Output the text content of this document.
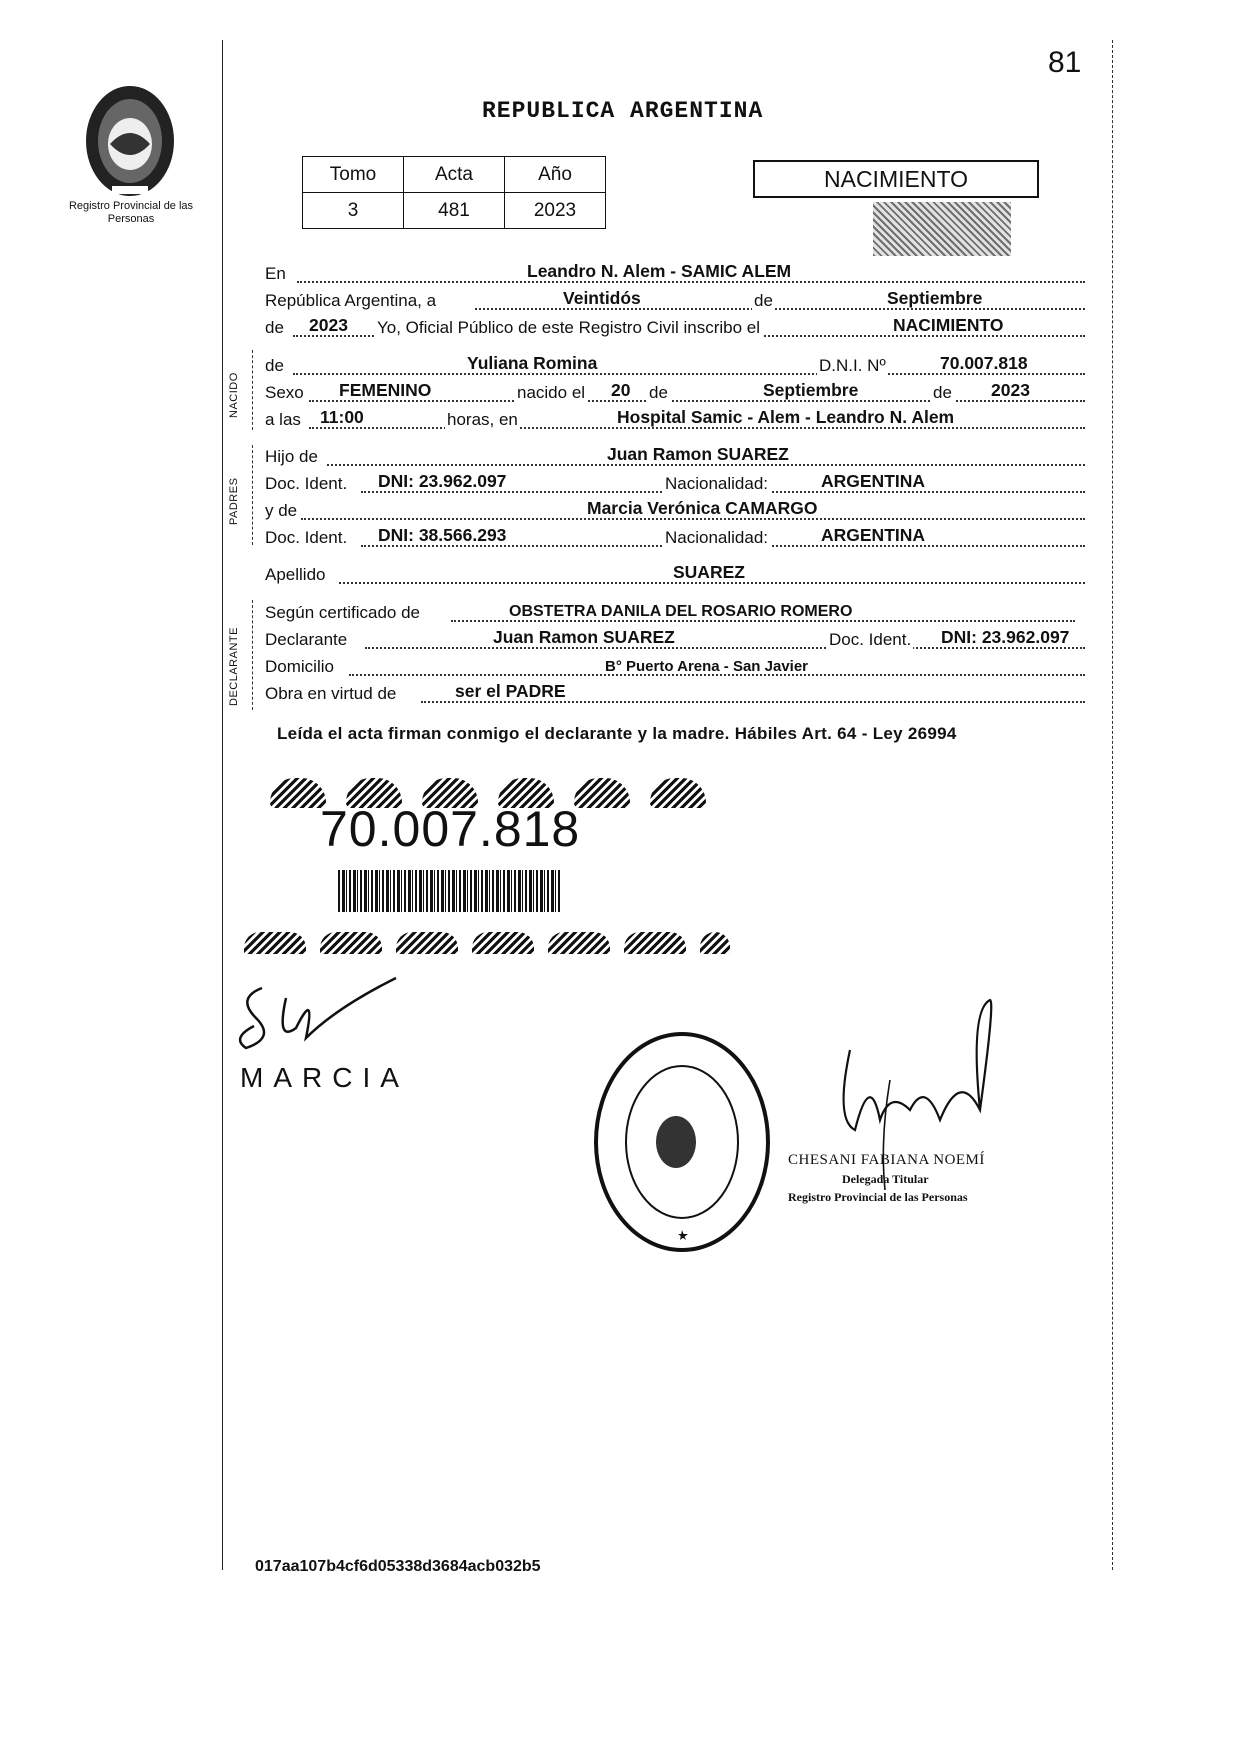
81
Registro Provincial de las Personas
REPUBLICA ARGENTINA
Tomo	Acta	Año
3	481	2023
NACIMIENTO
NACIDO
PADRES
DECLARANTE
En	Leandro N. Alem - SAMIC ALEM
República Argentina, a	Veintidós	de	Septiembre
de 2023 Yo, Oficial Público de este Registro Civil inscribo el	NACIMIENTO
de	Yuliana Romina	D.N.I. Nº	70.007.818
Sexo FEMENINO	nacido el 20 de	Septiembre	de 2023
a las 11:00	horas, en	Hospital Samic - Alem - Leandro N. Alem
Hijo de	Juan Ramon SUAREZ
Doc. Ident. DNI: 23.962.097	Nacionalidad:	ARGENTINA
y de	Marcia Verónica CAMARGO
Doc. Ident. DNI: 38.566.293	Nacionalidad:	ARGENTINA
Apellido	SUAREZ
Según certificado de	OBSTETRA DANILA DEL ROSARIO ROMERO
Declarante	Juan Ramon SUAREZ	Doc. Ident. DNI: 23.962.097
Domicilio	B° Puerto Arena - San Javier
Obra en virtud de	ser el PADRE
Leída el acta firman conmigo el declarante y la madre. Hábiles Art. 64 - Ley 26994
70.007.818
MARCIA
CHESANI FABIANA NOEMÍ
Delegada Titular
Registro Provincial de las Personas
017aa107b4cf6d05338d3684acb032b5
